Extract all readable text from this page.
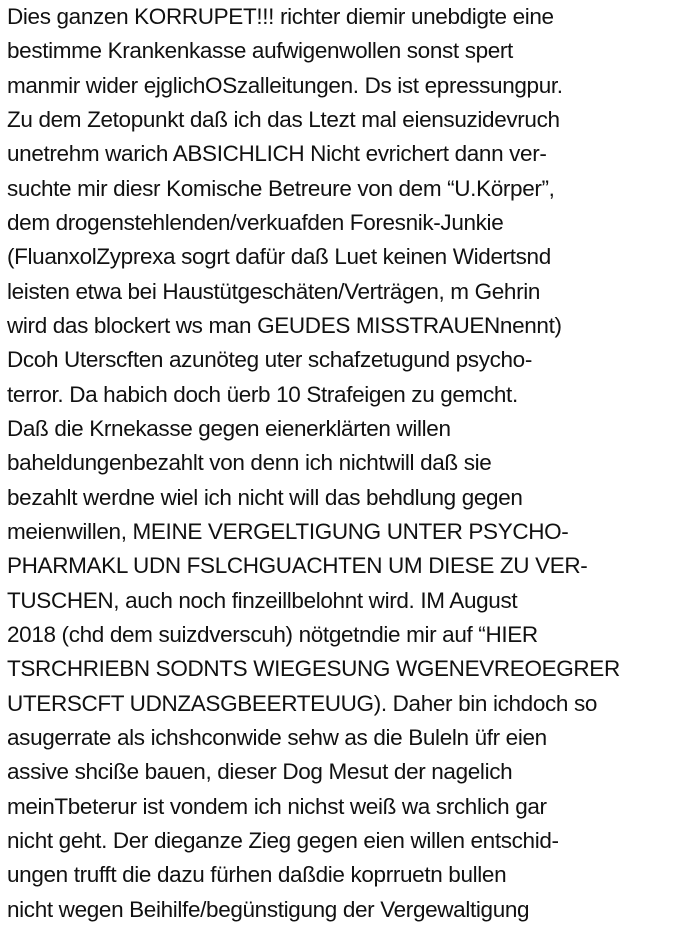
Dies ganzen KORRUPET!!! richter diemir unebdigte eine
bestimme Krankenkasse aufwigenwollen sonst spert
manmir wider ejglichOSzalleitungen. Ds ist epressungpur.
Zu dem Zetopunkt daß ich das Ltezt mal eiensuzidevruch
unetrehm warich ABSICHLICH Nicht evrichert dann ver-
suchte mir diesr Komische Betreure von dem “U.Körper”,
dem drogenstehlenden/verkuafden Foresnik-Junkie
(FluanxolZyprexa sogrt dafür daß Luet keinen Widertsnd
leisten etwa bei Haustütgeschäten/Verträgen, m Gehrin
wird das blockert ws man GEUDES MISSTRAUENnennt)
Dcoh Uterscften azunöteg uter schafzetugund psycho-
terror. Da habich doch üerb 10 Strafeigen zu gemcht.
Daß die Krnekasse gegen eienerklärten willen
baheldungenbezahlt von denn ich nichtwill daß sie
bezahlt werdne wiel ich nicht will das behdlung gegen
meienwillen, MEINE VERGELTIGUNG UNTER PSYCHO-
PHARMAKL UDN FSLCHGUACHTEN UM DIESE ZU VER-
TUSCHEN, auch noch finzeillbelohnt wird. IM August
2018 (chd dem suizdverscuh) nötgetndie mir auf “HIER
TSRCHRIEBN SODNTS WIEGESUNG WGENEVREOEGRER
UTERSCFT UDNZASGBEERTEUUG). Daher bin ichdoch so
asugerrate als ichshconwide sehw as die Buleln üfr eien
assive shciße bauen, dieser Dog Mesut der nagelich
meinTbeterur ist vondem ich nichst weiß wa srchlich gar
nicht geht. Der dieganze Zieg gegen eien willen entschid-
ungen trufft die dazu fürhen daßdie koprruetn bullen
nicht wegen Beihilfe/begünstigung der Vergewaltigung
